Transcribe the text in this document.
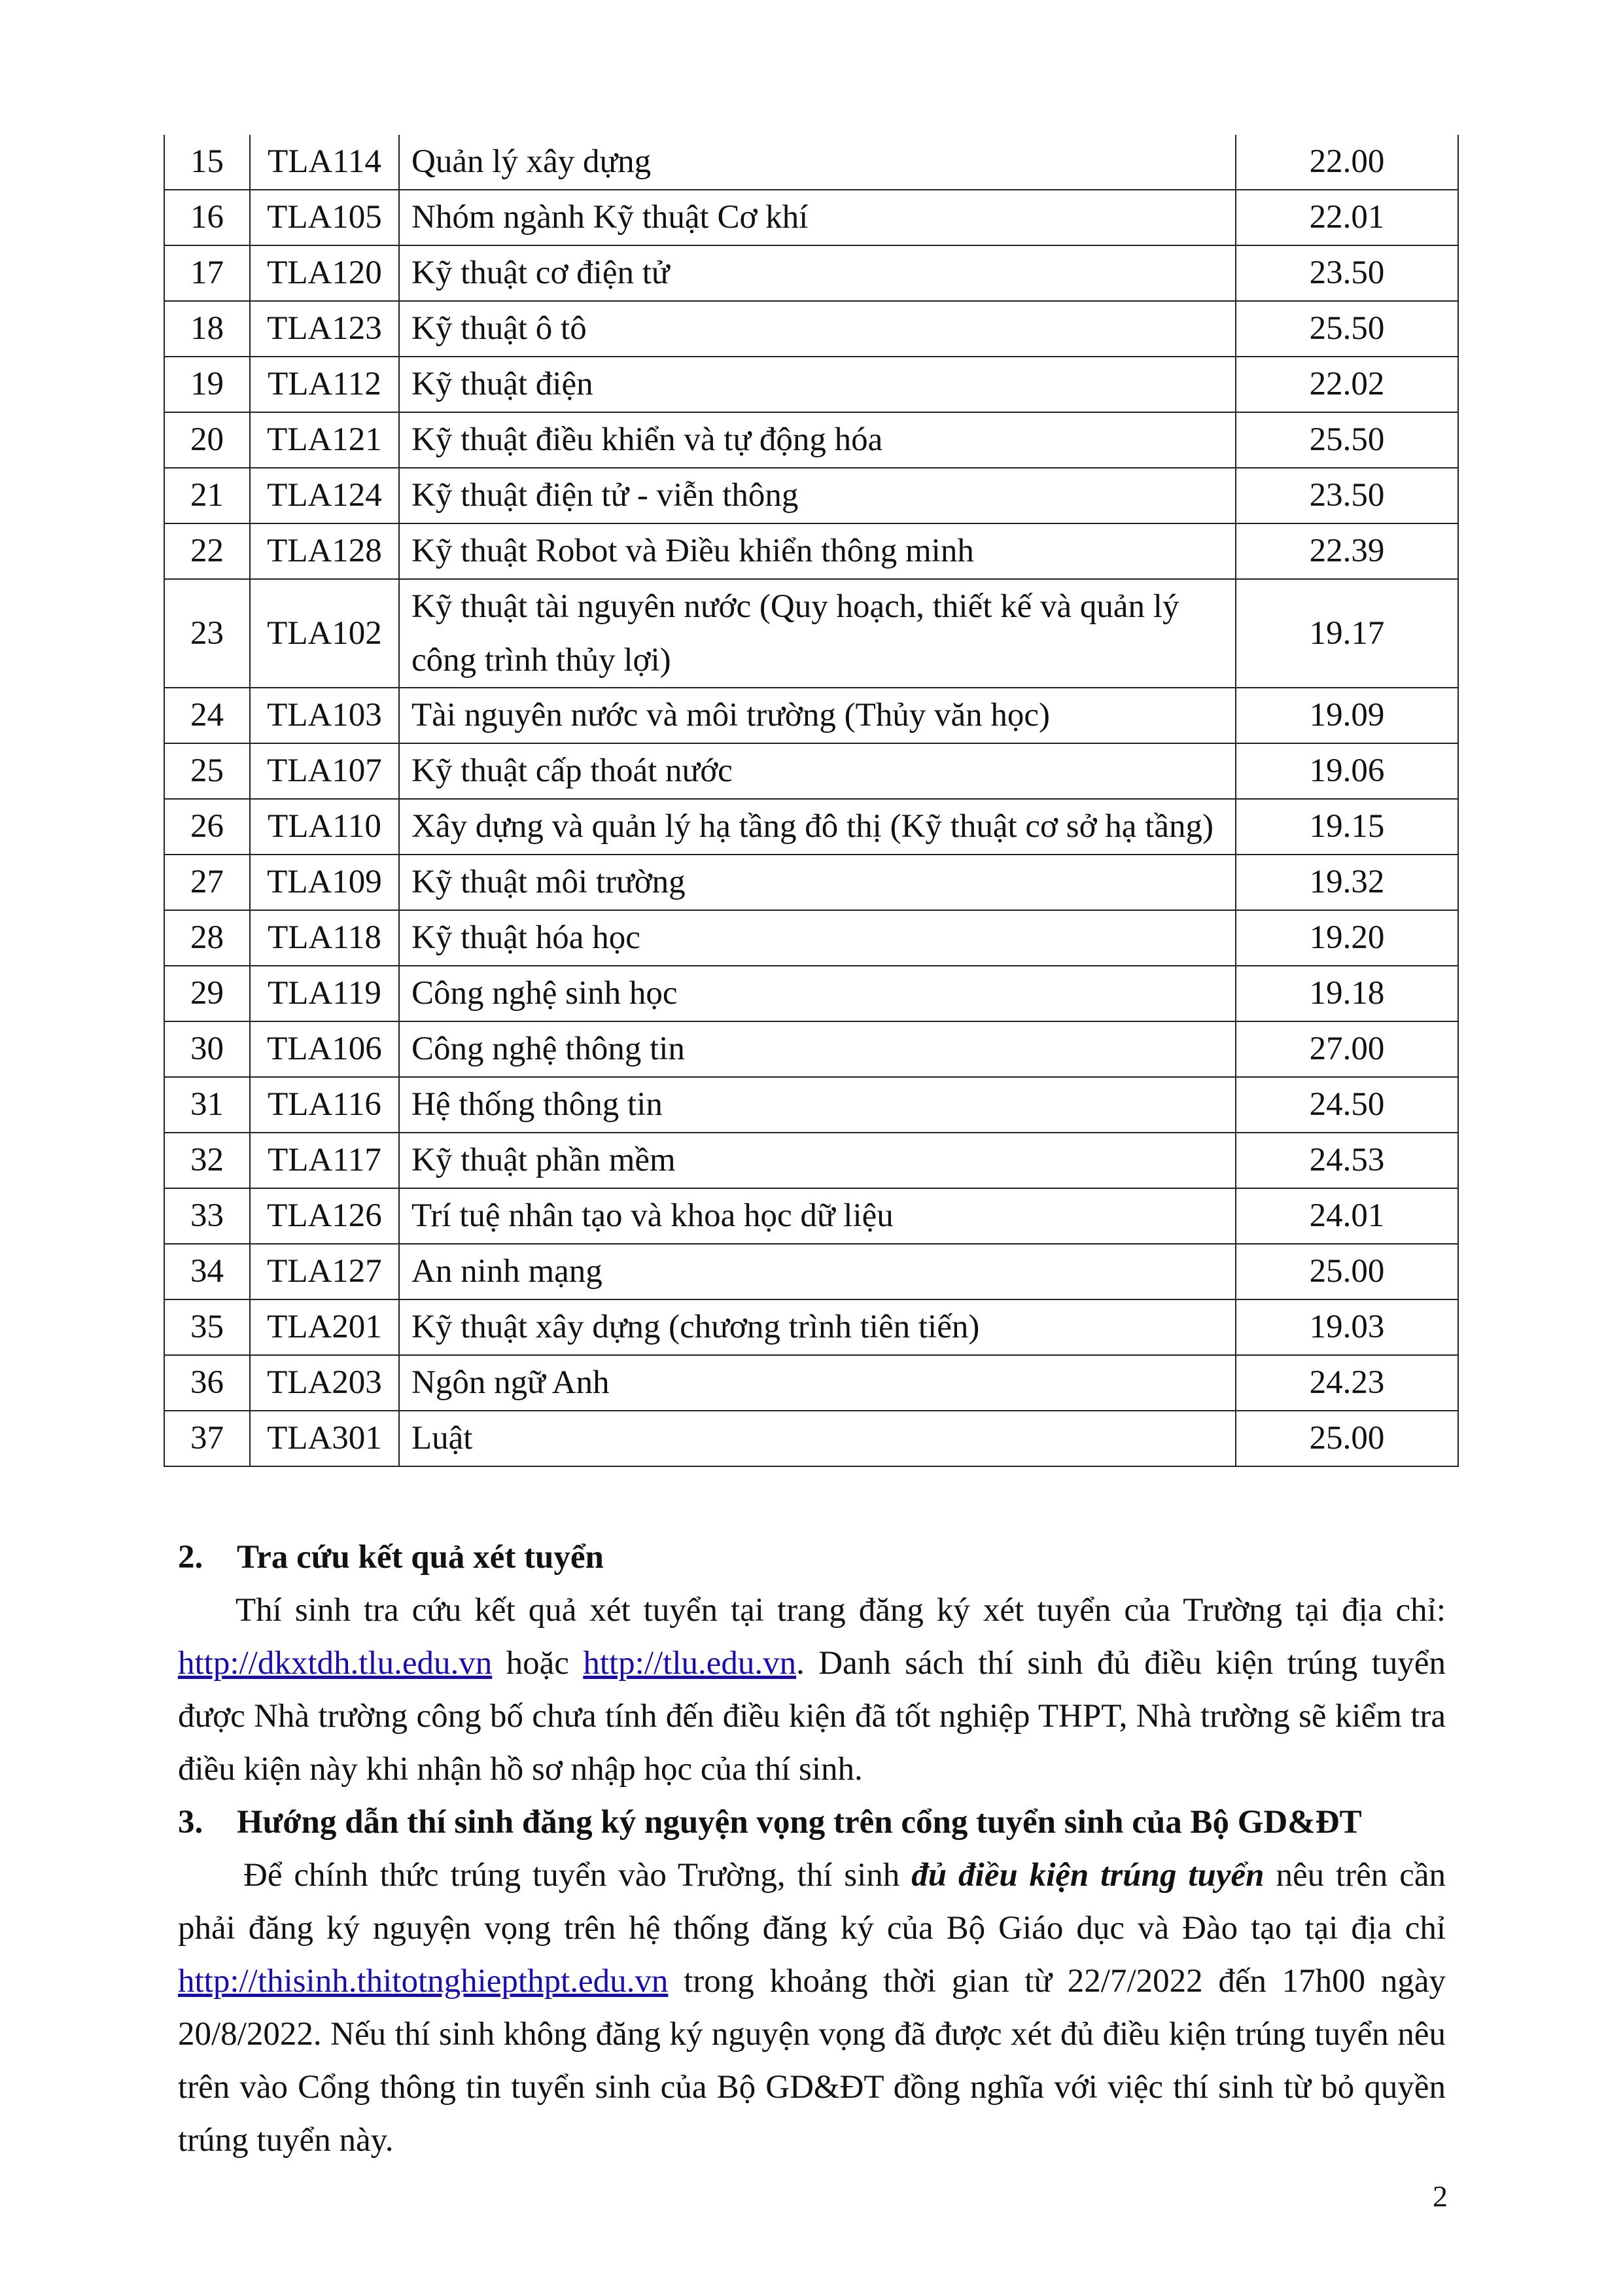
15	TLA114	Quản lý xây dựng	22.00
16	TLA105	Nhóm ngành Kỹ thuật Cơ khí	22.01
17	TLA120	Kỹ thuật cơ điện tử	23.50
18	TLA123	Kỹ thuật ô tô	25.50
19	TLA112	Kỹ thuật điện	22.02
20	TLA121	Kỹ thuật điều khiển và tự động hóa	25.50
21	TLA124	Kỹ thuật điện tử - viễn thông	23.50
22	TLA128	Kỹ thuật Robot và Điều khiển thông minh	22.39
23	TLA102	Kỹ thuật tài nguyên nước (Quy hoạch, thiết kế và quản lý công trình thủy lợi)	19.17
24	TLA103	Tài nguyên nước và môi trường (Thủy văn học)	19.09
25	TLA107	Kỹ thuật cấp thoát nước	19.06
26	TLA110	Xây dựng và quản lý hạ tầng đô thị (Kỹ thuật cơ sở hạ tầng)	19.15
27	TLA109	Kỹ thuật môi trường	19.32
28	TLA118	Kỹ thuật hóa học	19.20
29	TLA119	Công nghệ sinh học	19.18
30	TLA106	Công nghệ thông tin	27.00
31	TLA116	Hệ thống thông tin	24.50
32	TLA117	Kỹ thuật phần mềm	24.53
33	TLA126	Trí tuệ nhân tạo và khoa học dữ liệu	24.01
34	TLA127	An ninh mạng	25.00
35	TLA201	Kỹ thuật xây dựng (chương trình tiên tiến)	19.03
36	TLA203	Ngôn ngữ Anh	24.23
37	TLA301	Luật	25.00
2. Tra cứu kết quả xét tuyển
Thí sinh tra cứu kết quả xét tuyển tại trang đăng ký xét tuyển của Trường tại địa chỉ: http://dkxtdh.tlu.edu.vn hoặc http://tlu.edu.vn. Danh sách thí sinh đủ điều kiện trúng tuyển được Nhà trường công bố chưa tính đến điều kiện đã tốt nghiệp THPT, Nhà trường sẽ kiểm tra điều kiện này khi nhận hồ sơ nhập học của thí sinh.
3. Hướng dẫn thí sinh đăng ký nguyện vọng trên cổng tuyển sinh của Bộ GD&ĐT
Để chính thức trúng tuyển vào Trường, thí sinh đủ điều kiện trúng tuyển nêu trên cần phải đăng ký nguyện vọng trên hệ thống đăng ký của Bộ Giáo dục và Đào tạo tại địa chỉ http://thisinh.thitotnghiepthpt.edu.vn trong khoảng thời gian từ 22/7/2022 đến 17h00 ngày 20/8/2022. Nếu thí sinh không đăng ký nguyện vọng đã được xét đủ điều kiện trúng tuyển nêu trên vào Cổng thông tin tuyển sinh của Bộ GD&ĐT đồng nghĩa với việc thí sinh từ bỏ quyền trúng tuyển này.
2
